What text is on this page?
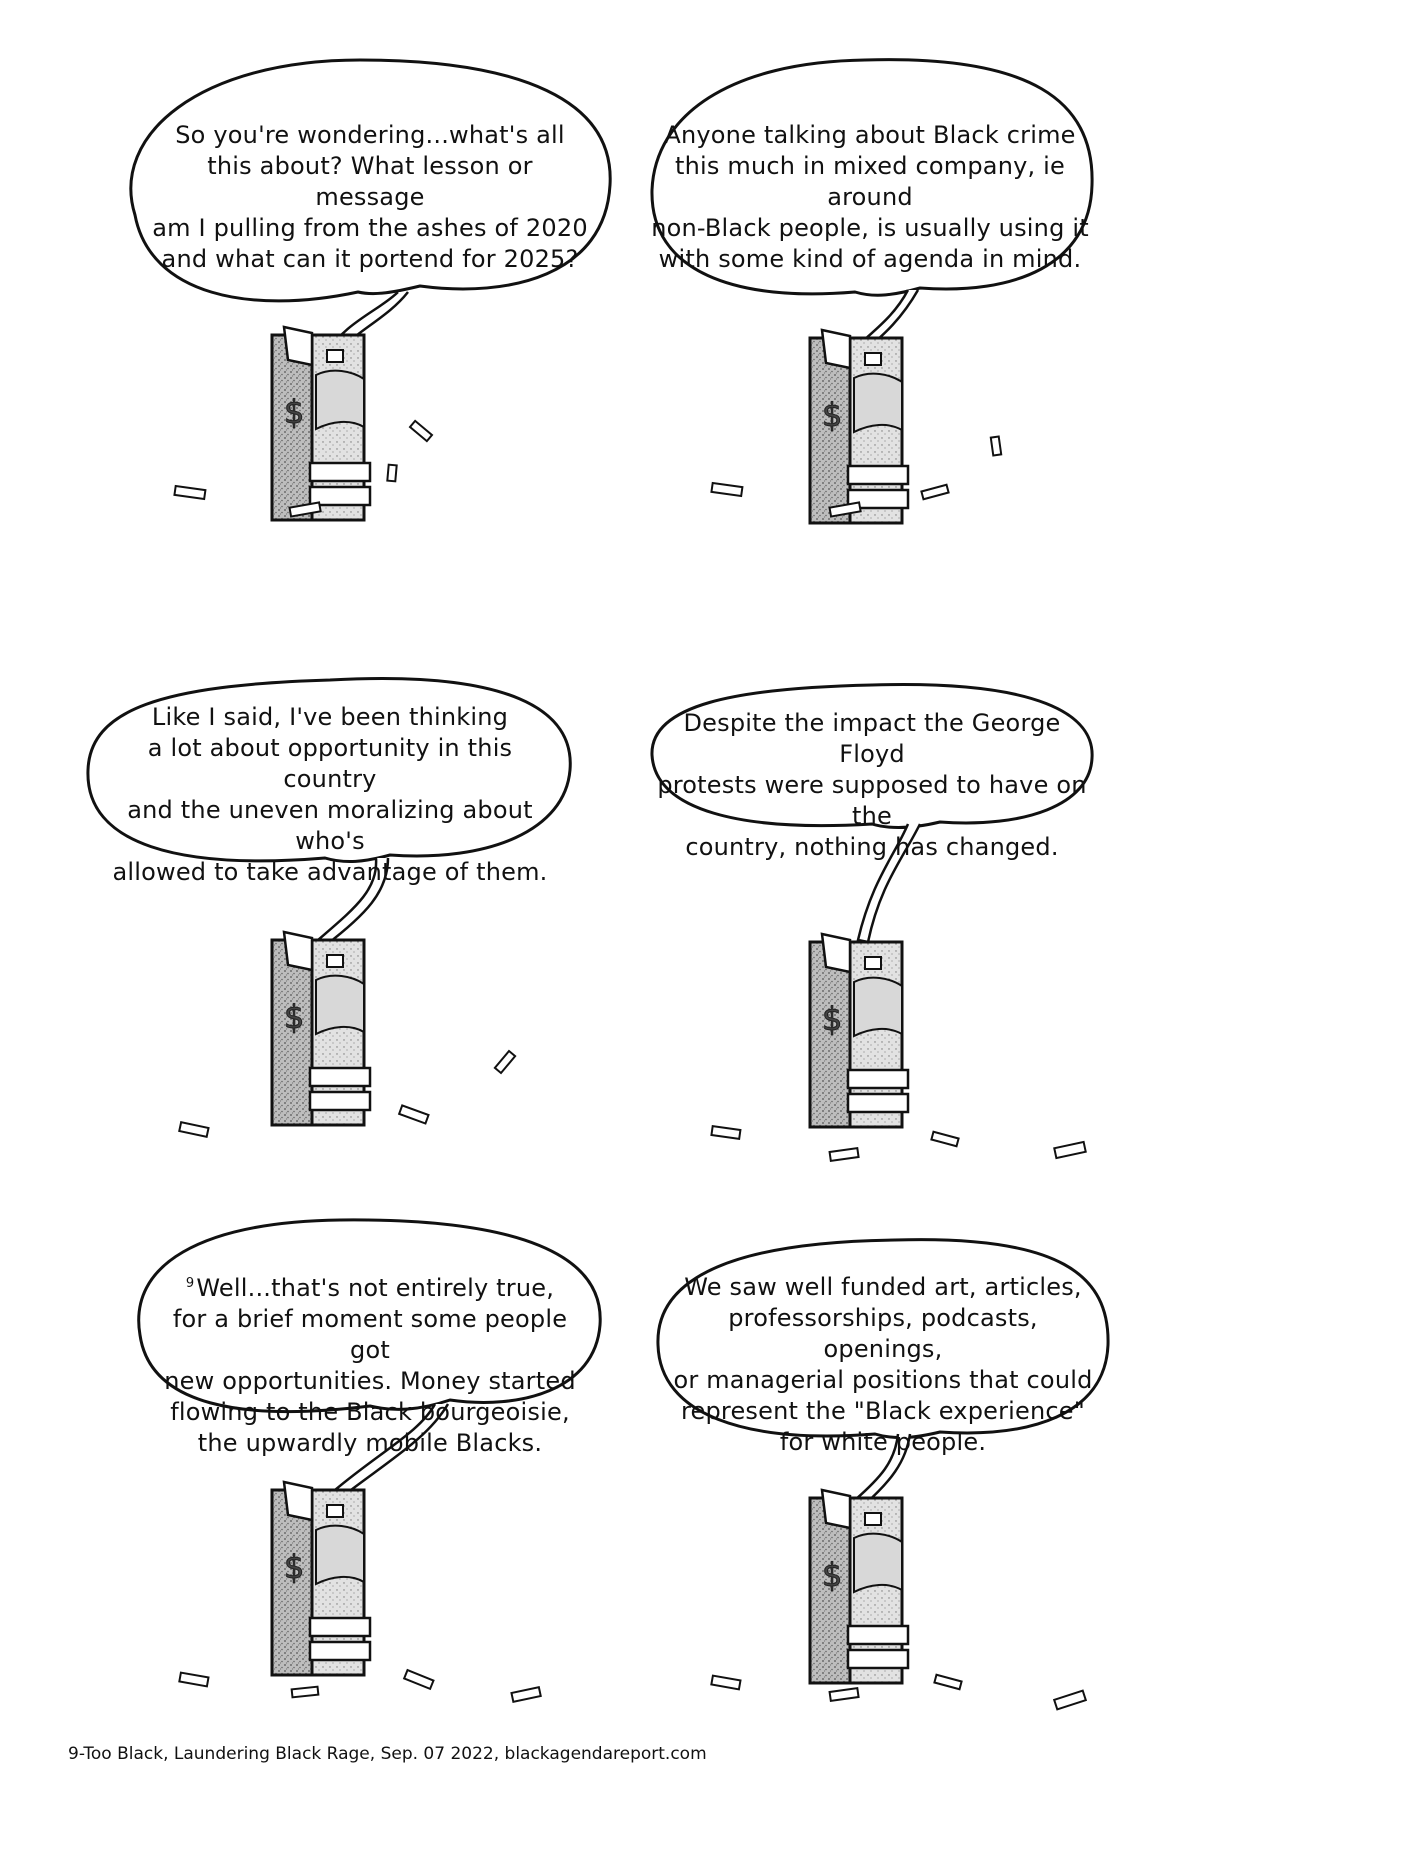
$
So you're wondering...what's all
this about? What lesson or message
am I pulling from the ashes of 2020
and what can it portend for 2025?
$
Anyone talking about Black crime
this much in mixed company, ie around
non-Black people, is usually using it
with some kind of agenda in mind.
$
Like I said, I've been thinking
a lot about opportunity in this country
and the uneven moralizing about who's
allowed to take advantage of them.
$
Despite the impact the George Floyd
protests were supposed to have on the
country, nothing has changed.
$

$^9$Well...that's not entirely true,
for a brief moment some people got
new opportunities. Money started
flowing to the Black bourgeoisie,
the upwardly mobile Blacks.

$
We saw well funded art, articles,
professorships, podcasts, openings,
or managerial positions that could
represent the "Black experience"
for white people.
9-Too Black, Laundering Black Rage, Sep. 07 2022, blackagendareport.com
